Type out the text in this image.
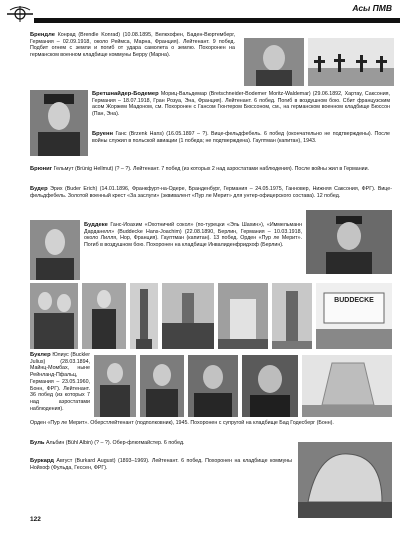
Асы ПМВ
Брендле Конрад (Brendle Konrad) (10.08.1895, Велкхофен, Баден-Вюртемберг, Германия – 02.09.1918, около Реймса, Марна, Франция). Лейтенант. 9 побед. Подбит огнем с земли и погиб от удара самолета о землю. Похоронен на германском военном кладбище коммуны Берру (Марна).
Бретшнайдер-Бодемер Мориц-Вальдемар (Bretschneider-Bodemer Moritz-Waldemar) (29.06.1892, Хартау, Саксония, Германия – 18.07.1918, Гран Розуа, Эна, Франция). Лейтенант. 6 побед. Погиб в воздушном бою. Сбит французским асом Жоржем Мадоном, см. Похоронен с Гансом Гюнтером Бюссоном, см., на германском военном кладбище Бюссон (Пан, Эна).
Бруенн Ганс (Brzenk Hans) (16.05.1897 – ?). Вице-фельдфебель. 6 побед (окончательно не подтверждены). После войны служил в польской авиации (1 победа; не подтверждена). Гауптман (капитан), 1943.
Брюниг Гельмут (Brünig Hellmut) (? – ?). Лейтенант. 7 побед (из которых 2 над аэростатами наблюдения). После войны жил в Германии.
Будер Эрих (Buder Erich) (14.01.1896, Франкфурт-на-Одере, Бранденбург, Германия – 24.05.1975, Ганновер, Нижняя Саксония, ФРГ). Вице-фельдфебель. Золотой военный крест «За заслуги» (эквивалент «Пур ле Мерит» для унтер-офицерского состава). 12 побед.
Буддеке Ганс-Иоахим «Охотничий сокол» (по-турецки «Эль Шахин»), «Иммельманн Дарданелл» (Buddecke Hans-Joachim) (22.08.1890, Берлин, Германия – 10.03.1918, около Лилля, Нор, Франция). Гауптман (капитан). 13 побед. Орден «Пур ле Мерит». Погиб в воздушном бою. Похоронен на кладбище Инвалиденфридхоф (Берлин).
BUDDECKE
Буклер Юлиус (Buckler Julius) (28.03.1894, Майнц-Момбах, ныне Рейнланд-Пфальц, Германия – 23.05.1960, Бонн, ФРГ). Лейтенант. 36 побед (из которых 7 над аэростатами наблюдения).
Орден «Пур ле Мерит». Оберстлейтенант (подполковник), 1945. Похоронен с супругой на кладбище Бад Годесберг (Бонн).
Буль Альбин (Bühl Albin) (? – ?). Обер-флюгмайстер. 6 побед.
Буркард Август (Burkard August) (1893–1969). Лейтенант. 6 побед. Похоронен на кладбище коммуны Нойхоф (Фульда, Гессен, ФРГ).
122
